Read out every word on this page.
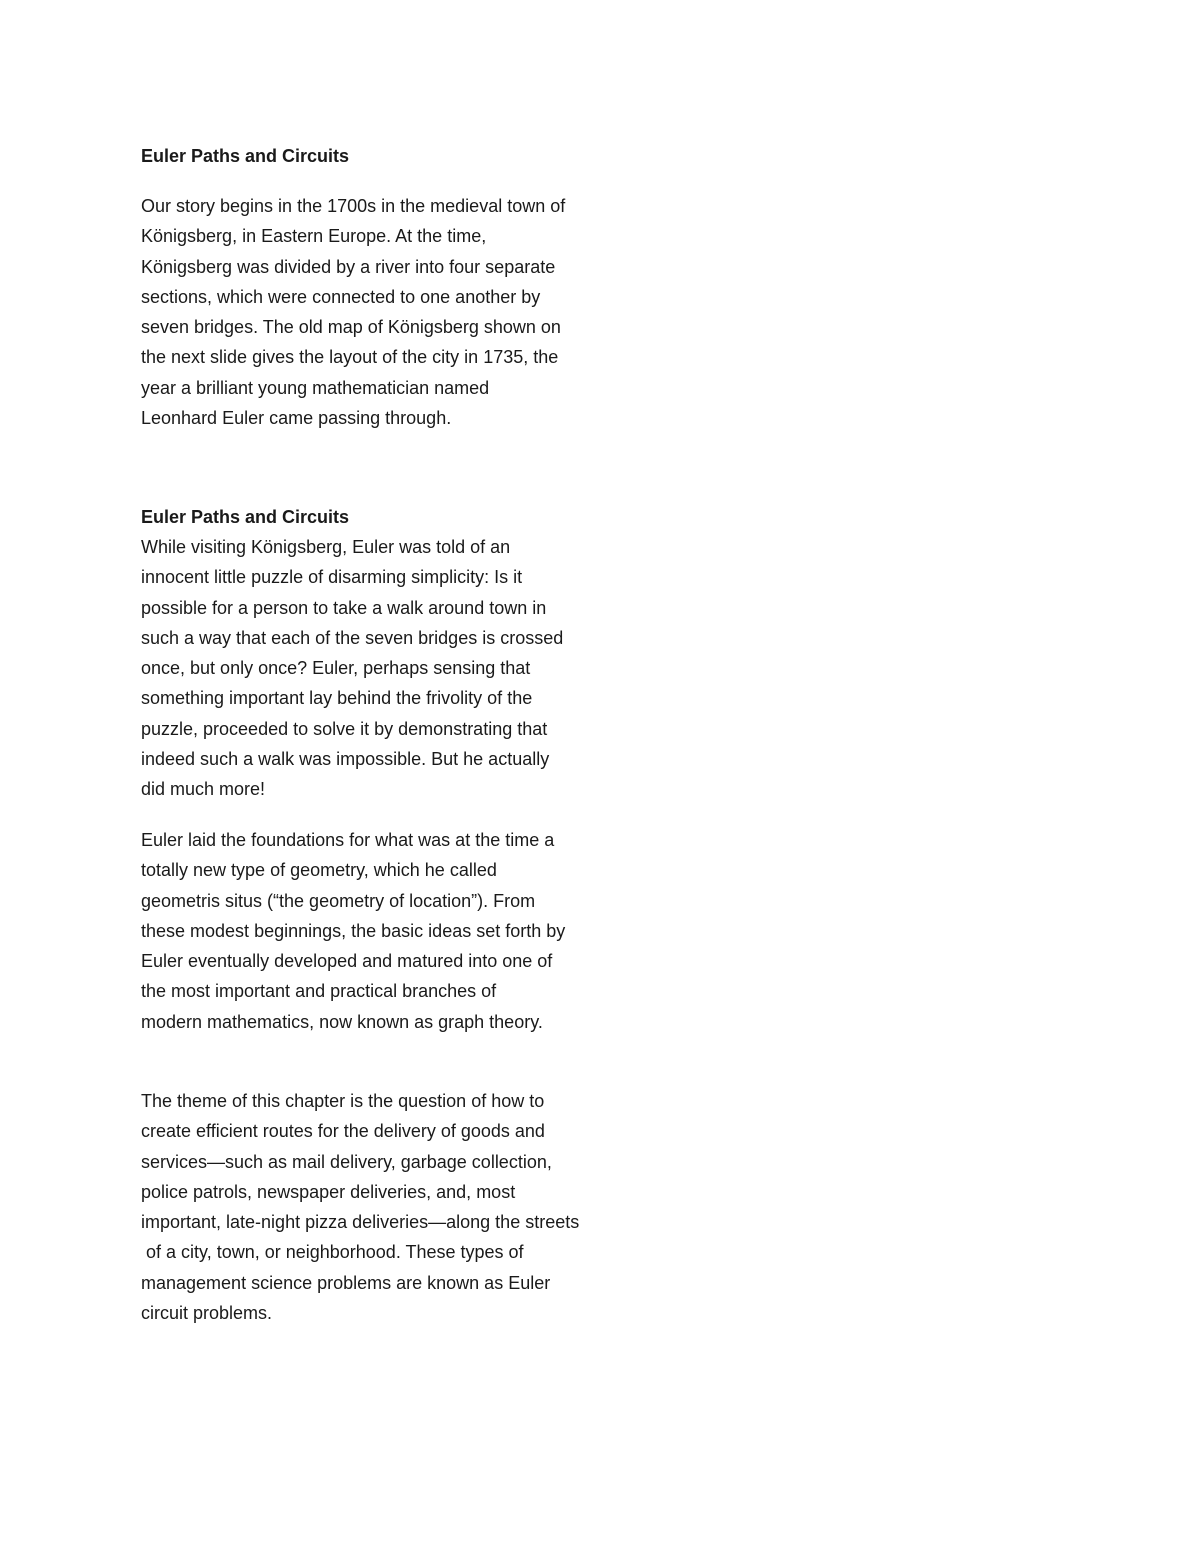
Euler Paths and Circuits
Our story begins in the 1700s in the medieval town of
Königsberg, in Eastern Europe. At the time,
Königsberg was divided by a river into four separate
sections, which were connected to one another by
seven bridges. The old map of Königsberg shown on
the next slide gives the layout of the city in 1735, the
year a brilliant young mathematician named
Leonhard Euler came passing through.
Euler Paths and Circuits
While visiting Königsberg, Euler was told of an
innocent little puzzle of disarming simplicity: Is it
possible for a person to take a walk around town in
such a way that each of the seven bridges is crossed
once, but only once? Euler, perhaps sensing that
something important lay behind the frivolity of the
puzzle, proceeded to solve it by demonstrating that
indeed such a walk was impossible. But he actually
did much more!
Euler laid the foundations for what was at the time a
totally new type of geometry, which he called
geometris situs (“the geometry of location”). From
these modest beginnings, the basic ideas set forth by
Euler eventually developed and matured into one of
the most important and practical branches of
modern mathematics, now known as graph theory.
The theme of this chapter is the question of how to
create efficient routes for the delivery of goods and
services—such as mail delivery, garbage collection,
police patrols, newspaper deliveries, and, most
important, late-night pizza deliveries—along the streets
of a city, town, or neighborhood. These types of
management science problems are known as Euler
circuit problems.
